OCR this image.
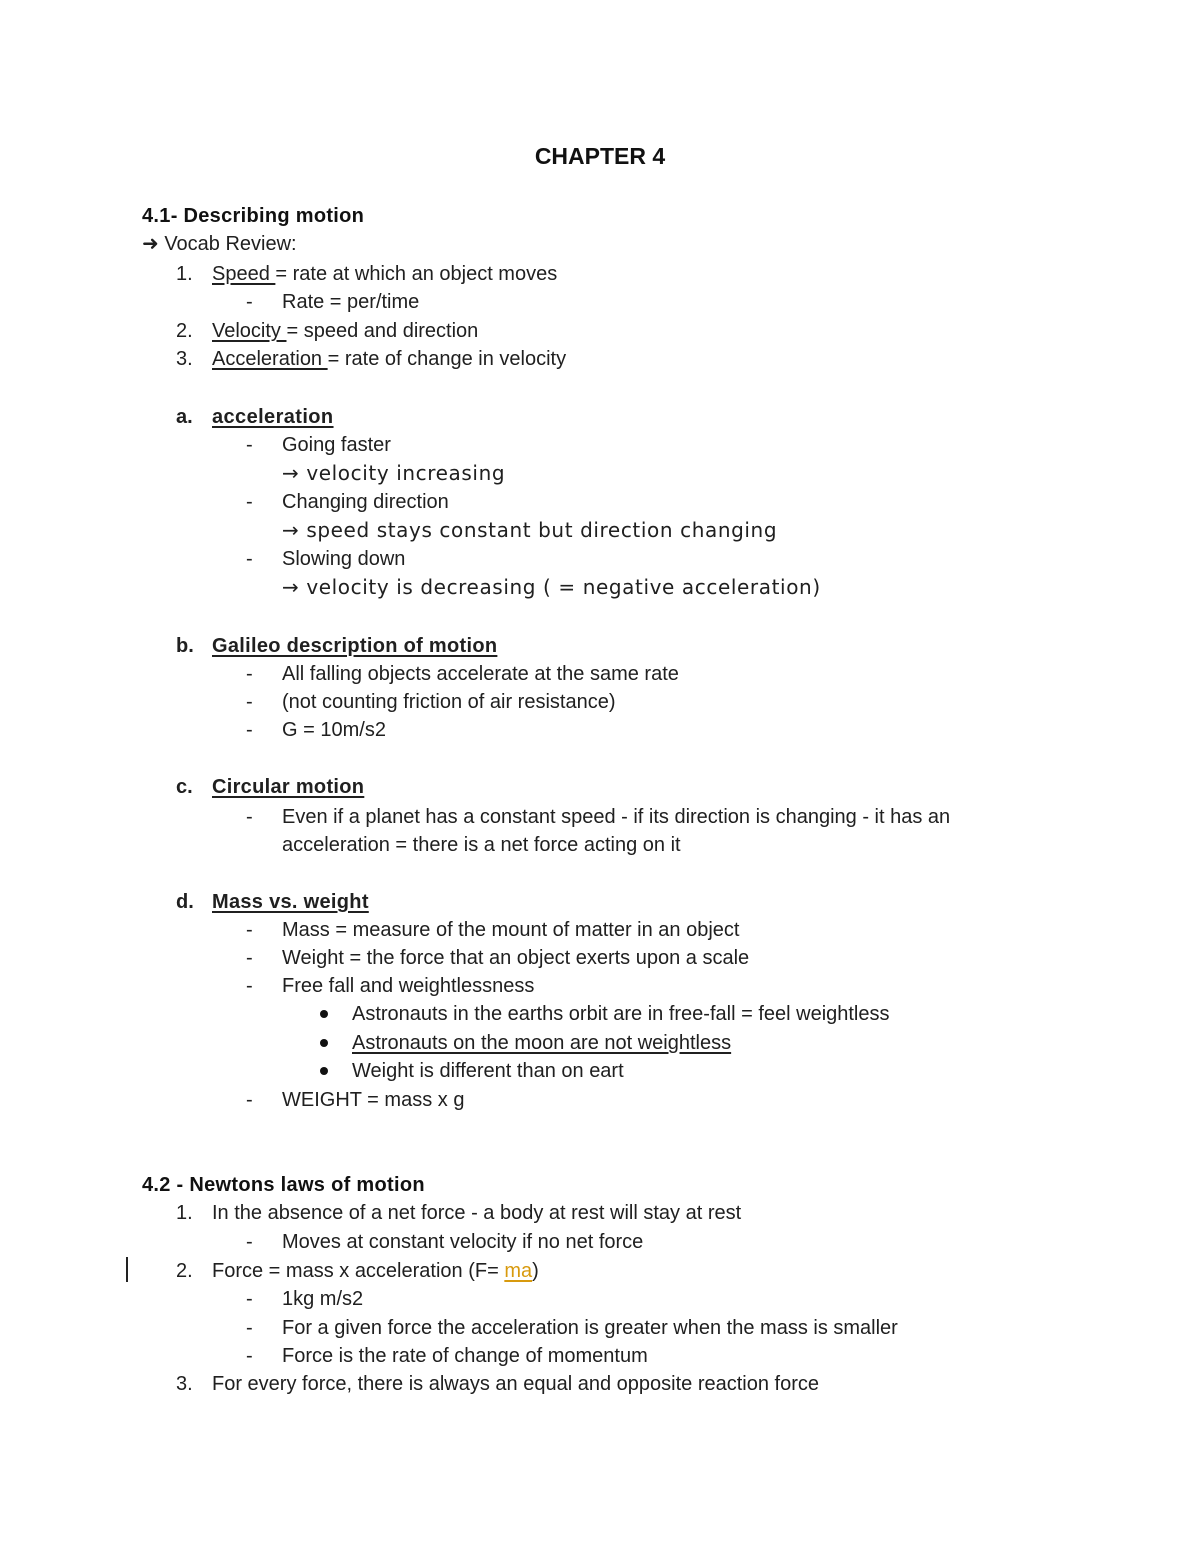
CHAPTER 4
4.1- Describing motion
➜ Vocab Review:
1. Speed = rate at which an object moves
- Rate = per/time
2. Velocity = speed and direction
3. Acceleration = rate of change in velocity
a. acceleration
- Going faster
→ velocity increasing
- Changing direction
→ speed stays constant but direction changing
- Slowing down
→ velocity is decreasing ( = negative acceleration)
b. Galileo description of motion
- All falling objects accelerate at the same rate
- (not counting friction of air resistance)
- G = 10m/s2
c. Circular motion
- Even if a planet has a constant speed - if its direction is changing - it has an
acceleration = there is a net force acting on it
d. Mass vs. weight
- Mass = measure of the mount of matter in an object
- Weight = the force that an object exerts upon a scale
- Free fall and weightlessness
Astronauts in the earths orbit are in free-fall = feel weightless
Astronauts on the moon are not weightless
Weight is different than on eart
- WEIGHT = mass x g
4.2 - Newtons laws of motion
1. In the absence of a net force - a body at rest will stay at rest
- Moves at constant velocity if no net force
2. Force = mass x acceleration (F= ma)
- 1kg m/s2
- For a given force the acceleration is greater when the mass is smaller
- Force is the rate of change of momentum
3. For every force, there is always an equal and opposite reaction force
